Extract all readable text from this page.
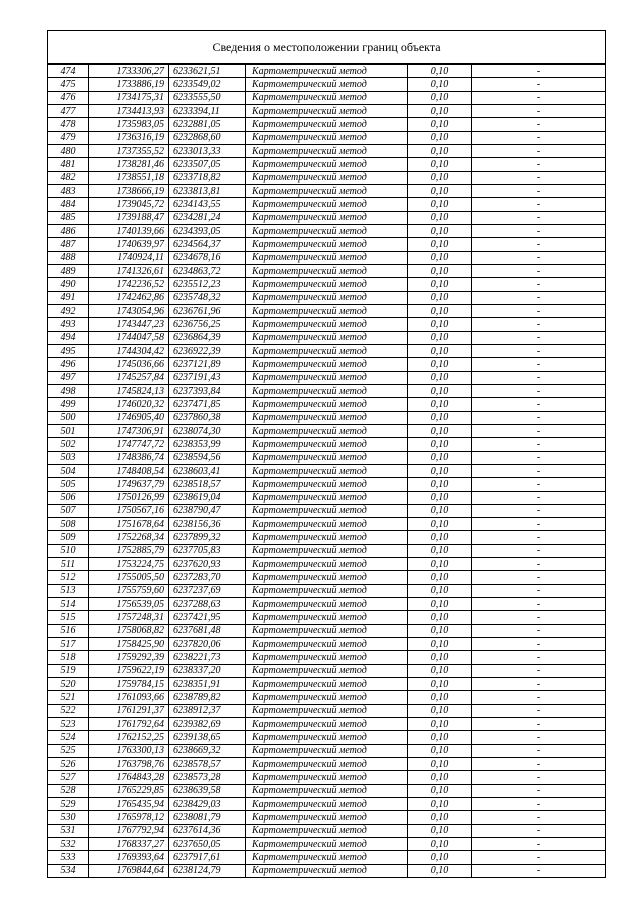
Сведения о местоположении границ объекта
474	1733306,27	6233621,51	Картометрический метод	0,10	-
475	1733886,19	6233549,02	Картометрический метод	0,10	-
476	1734175,31	6233555,50	Картометрический метод	0,10	-
477	1734413,93	6233394,11	Картометрический метод	0,10	-
478	1735983,05	6232881,05	Картометрический метод	0,10	-
479	1736316,19	6232868,60	Картометрический метод	0,10	-
480	1737355,52	6233013,33	Картометрический метод	0,10	-
481	1738281,46	6233507,05	Картометрический метод	0,10	-
482	1738551,18	6233718,82	Картометрический метод	0,10	-
483	1738666,19	6233813,81	Картометрический метод	0,10	-
484	1739045,72	6234143,55	Картометрический метод	0,10	-
485	1739188,47	6234281,24	Картометрический метод	0,10	-
486	1740139,66	6234393,05	Картометрический метод	0,10	-
487	1740639,97	6234564,37	Картометрический метод	0,10	-
488	1740924,11	6234678,16	Картометрический метод	0,10	-
489	1741326,61	6234863,72	Картометрический метод	0,10	-
490	1742236,52	6235512,23	Картометрический метод	0,10	-
491	1742462,86	6235748,32	Картометрический метод	0,10	-
492	1743054,96	6236761,96	Картометрический метод	0,10	-
493	1743447,23	6236756,25	Картометрический метод	0,10	-
494	1744047,58	6236864,39	Картометрический метод	0,10	-
495	1744304,42	6236922,39	Картометрический метод	0,10	-
496	1745036,66	6237121,89	Картометрический метод	0,10	-
497	1745257,84	6237191,43	Картометрический метод	0,10	-
498	1745824,13	6237393,84	Картометрический метод	0,10	-
499	1746020,32	6237471,85	Картометрический метод	0,10	-
500	1746905,40	6237860,38	Картометрический метод	0,10	-
501	1747306,91	6238074,30	Картометрический метод	0,10	-
502	1747747,72	6238353,99	Картометрический метод	0,10	-
503	1748386,74	6238594,56	Картометрический метод	0,10	-
504	1748408,54	6238603,41	Картометрический метод	0,10	-
505	1749637,79	6238518,57	Картометрический метод	0,10	-
506	1750126,99	6238619,04	Картометрический метод	0,10	-
507	1750567,16	6238790,47	Картометрический метод	0,10	-
508	1751678,64	6238156,36	Картометрический метод	0,10	-
509	1752268,34	6237899,32	Картометрический метод	0,10	-
510	1752885,79	6237705,83	Картометрический метод	0,10	-
511	1753224,75	6237620,93	Картометрический метод	0,10	-
512	1755005,50	6237283,70	Картометрический метод	0,10	-
513	1755759,60	6237237,69	Картометрический метод	0,10	-
514	1756539,05	6237288,63	Картометрический метод	0,10	-
515	1757248,31	6237421,95	Картометрический метод	0,10	-
516	1758068,82	6237681,48	Картометрический метод	0,10	-
517	1758425,90	6237820,06	Картометрический метод	0,10	-
518	1759292,39	6238221,73	Картометрический метод	0,10	-
519	1759622,19	6238337,20	Картометрический метод	0,10	-
520	1759784,15	6238351,91	Картометрический метод	0,10	-
521	1761093,66	6238789,82	Картометрический метод	0,10	-
522	1761291,37	6238912,37	Картометрический метод	0,10	-
523	1761792,64	6239382,69	Картометрический метод	0,10	-
524	1762152,25	6239138,65	Картометрический метод	0,10	-
525	1763300,13	6238669,32	Картометрический метод	0,10	-
526	1763798,76	6238578,57	Картометрический метод	0,10	-
527	1764843,28	6238573,28	Картометрический метод	0,10	-
528	1765229,85	6238639,58	Картометрический метод	0,10	-
529	1765435,94	6238429,03	Картометрический метод	0,10	-
530	1765978,12	6238081,79	Картометрический метод	0,10	-
531	1767792,94	6237614,36	Картометрический метод	0,10	-
532	1768337,27	6237650,05	Картометрический метод	0,10	-
533	1769393,64	6237917,61	Картометрический метод	0,10	-
534	1769844,64	6238124,79	Картометрический метод	0,10	-
